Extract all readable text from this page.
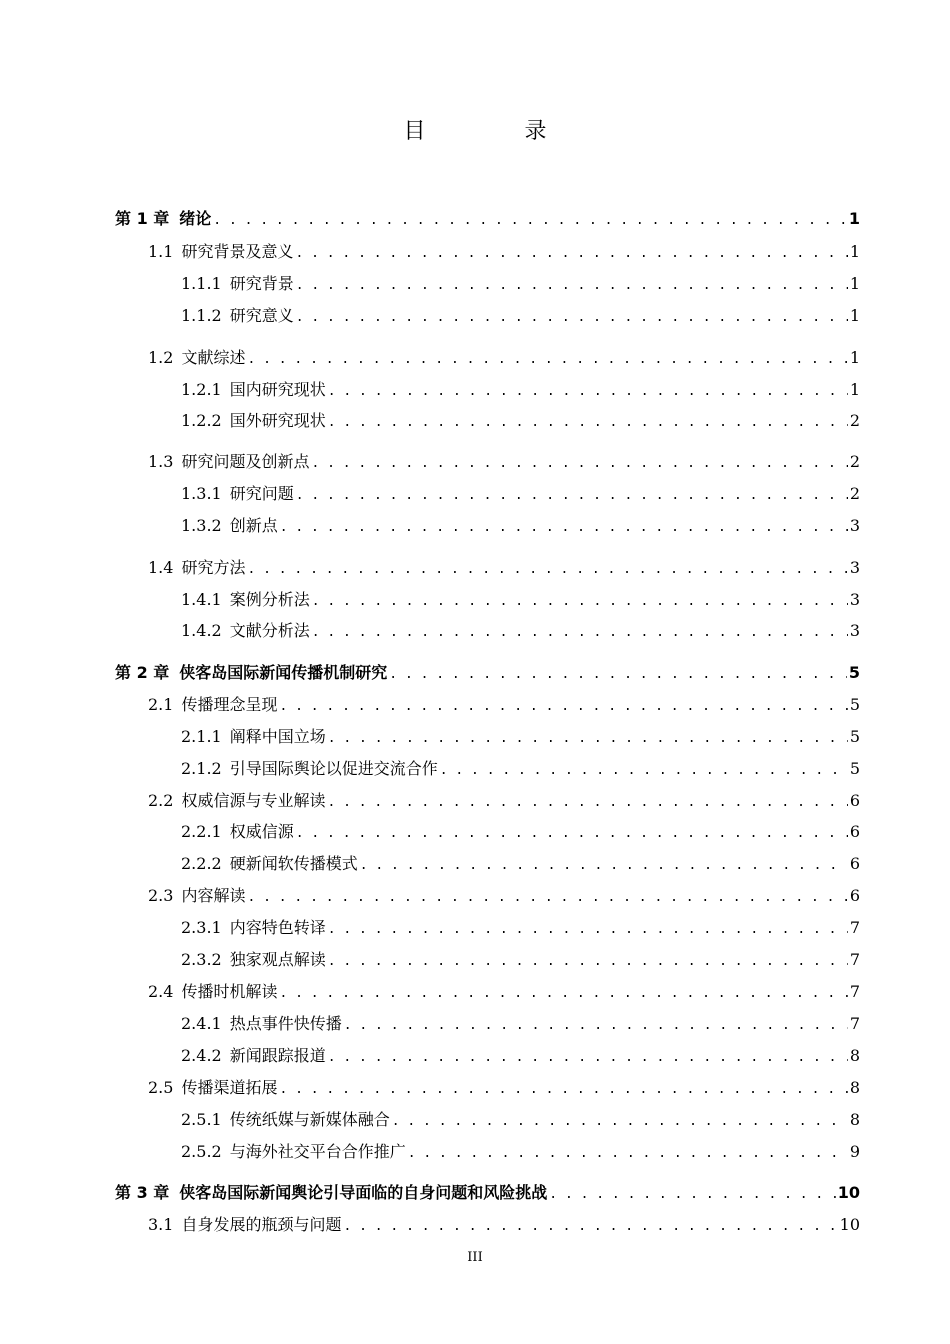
目 录
第 1 章 绪论 . . .	1
1.1 研究背景及意义 . . .	1
1.1.1 研究背景 . . .	1
1.1.2 研究意义 . . .	1
1.2 文献综述 . . .	1
1.2.1 国内研究现状 . . .	1
1.2.2 国外研究现状 . . .	2
1.3 研究问题及创新点 . . .	2
1.3.1 研究问题 . . .	2
1.3.2 创新点 . . .	3
1.4 研究方法 . . .	3
1.4.1 案例分析法 . . .	3
1.4.2 文献分析法 . . .	3
第 2 章 侠客岛国际新闻传播机制研究 . . .	5
2.1 传播理念呈现 . . .	5
2.1.1 阐释中国立场 . . .	5
2.1.2 引导国际舆论以促进交流合作 . . .	5
2.2 权威信源与专业解读 . . .	6
2.2.1 权威信源 . . .	6
2.2.2 硬新闻软传播模式 . . .	6
2.3 内容解读 . . .	6
2.3.1 内容特色转译 . . .	7
2.3.2 独家观点解读 . . .	7
2.4 传播时机解读 . . .	7
2.4.1 热点事件快传播 . . .	7
2.4.2 新闻跟踪报道 . . .	8
2.5 传播渠道拓展 . . .	8
2.5.1 传统纸媒与新媒体融合 . . .	8
2.5.2 与海外社交平台合作推广 . . .	9
第 3 章 侠客岛国际新闻舆论引导面临的自身问题和风险挑战 . . .	10
3.1 自身发展的瓶颈与问题 . . .	10
III
